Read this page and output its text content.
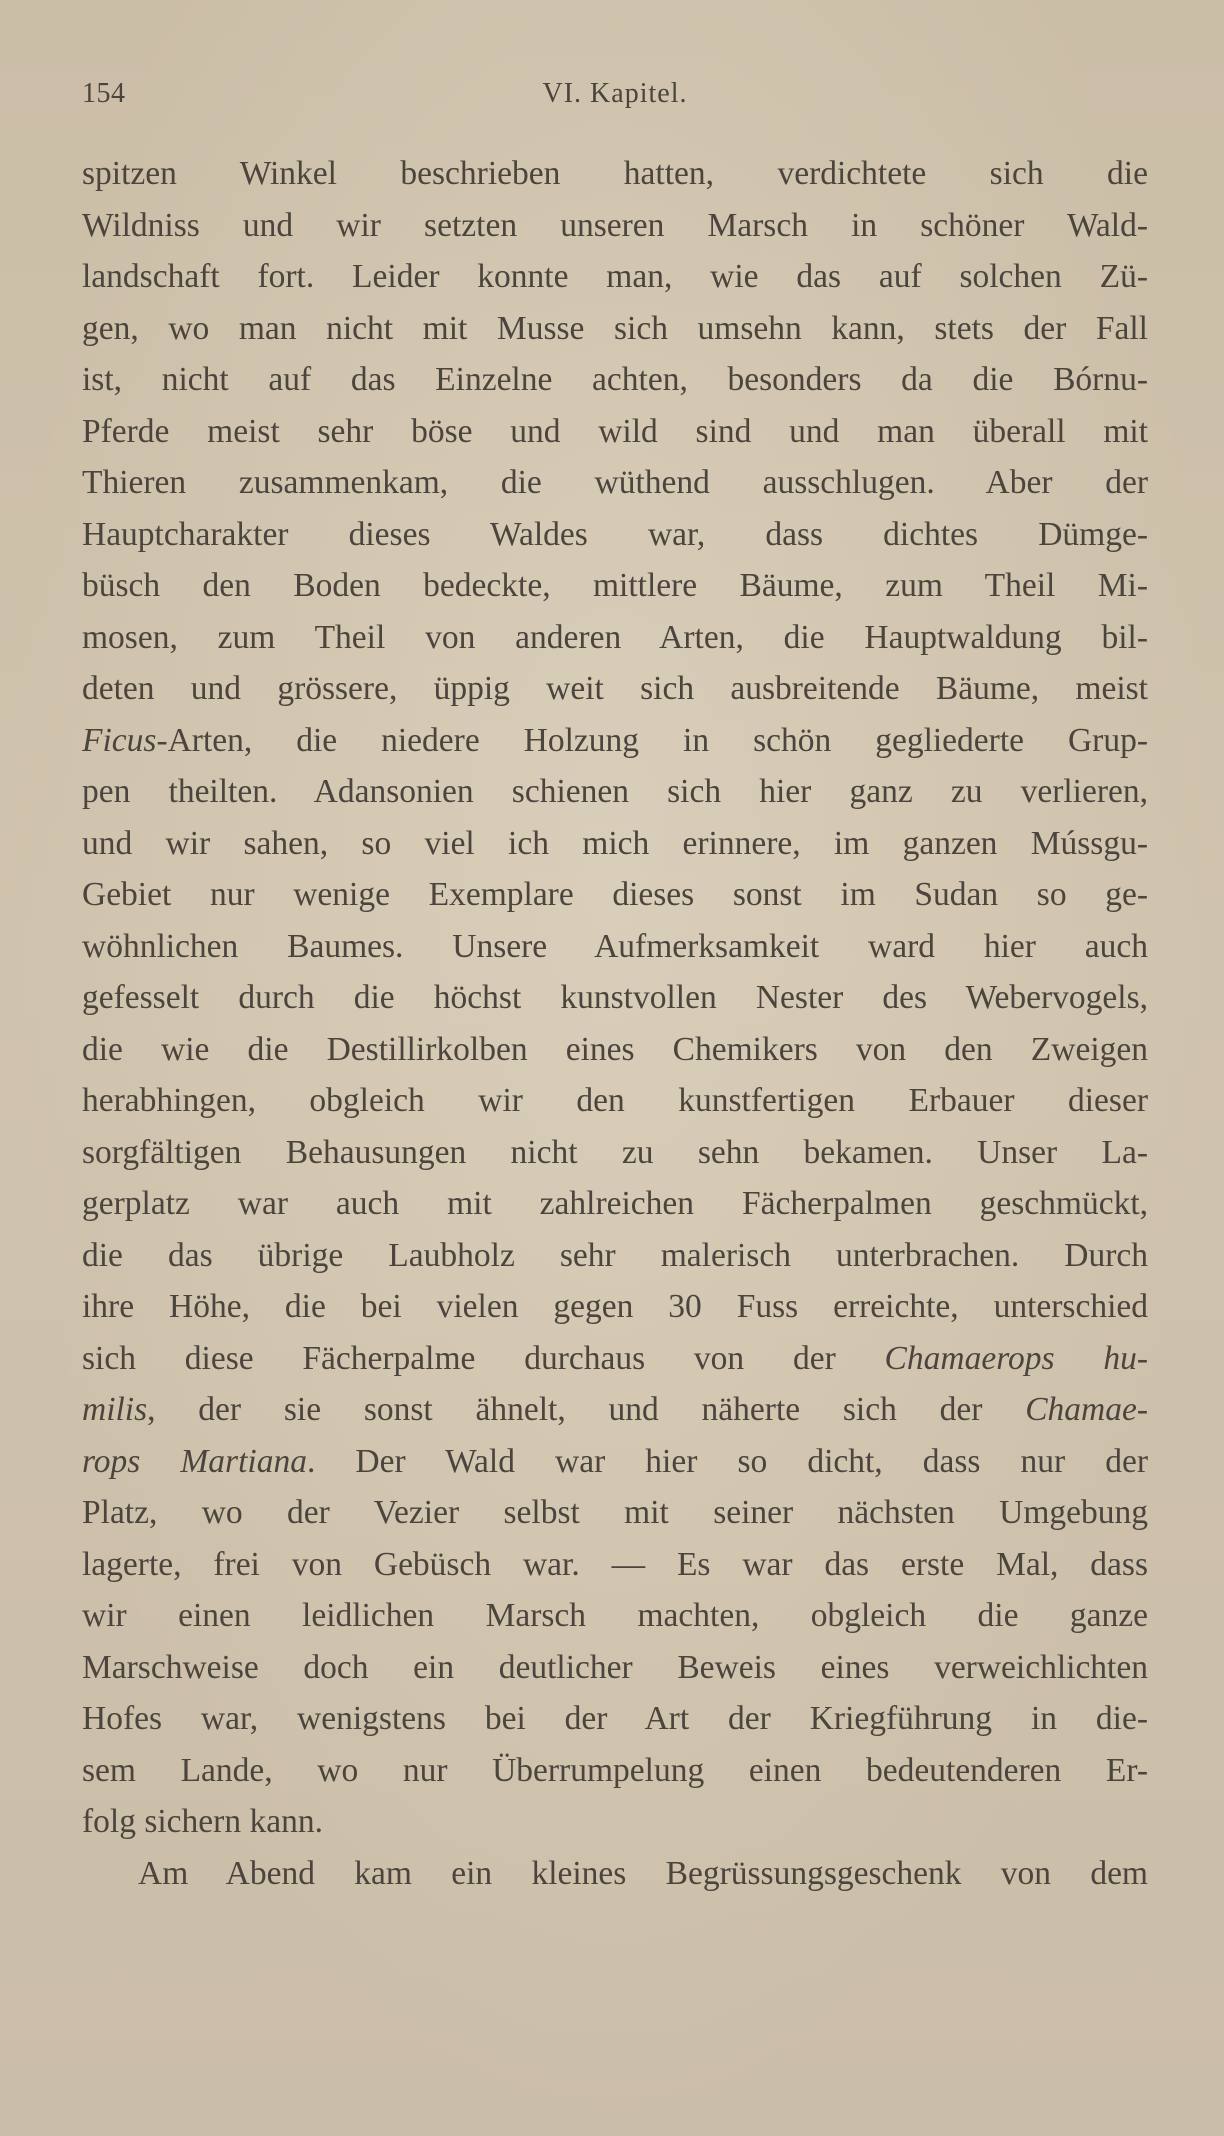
154	VI. Kapitel.
spitzen Winkel beschrieben hatten, verdichtete sich die
Wildniss und wir setzten unseren Marsch in schöner Wald-
landschaft fort. Leider konnte man, wie das auf solchen Zü-
gen, wo man nicht mit Musse sich umsehn kann, stets der Fall
ist, nicht auf das Einzelne achten, besonders da die Bórnu-
Pferde meist sehr böse und wild sind und man überall mit
Thieren zusammenkam, die wüthend ausschlugen. Aber der
Hauptcharakter dieses Waldes war, dass dichtes Dümge-
büsch den Boden bedeckte, mittlere Bäume, zum Theil Mi-
mosen, zum Theil von anderen Arten, die Hauptwaldung bil-
deten und grössere, üppig weit sich ausbreitende Bäume, meist
Ficus-Arten, die niedere Holzung in schön gegliederte Grup-
pen theilten. Adansonien schienen sich hier ganz zu verlieren,
und wir sahen, so viel ich mich erinnere, im ganzen Mússgu-
Gebiet nur wenige Exemplare dieses sonst im Sudan so ge-
wöhnlichen Baumes. Unsere Aufmerksamkeit ward hier auch
gefesselt durch die höchst kunstvollen Nester des Webervogels,
die wie die Destillirkolben eines Chemikers von den Zweigen
herabhingen, obgleich wir den kunstfertigen Erbauer dieser
sorgfältigen Behausungen nicht zu sehn bekamen. Unser La-
gerplatz war auch mit zahlreichen Fächerpalmen geschmückt,
die das übrige Laubholz sehr malerisch unterbrachen. Durch
ihre Höhe, die bei vielen gegen 30 Fuss erreichte, unterschied
sich diese Fächerpalme durchaus von der Chamaerops hu-
milis, der sie sonst ähnelt, und näherte sich der Chamae-
rops Martiana. Der Wald war hier so dicht, dass nur der
Platz, wo der Vezier selbst mit seiner nächsten Umgebung
lagerte, frei von Gebüsch war. — Es war das erste Mal, dass
wir einen leidlichen Marsch machten, obgleich die ganze
Marschweise doch ein deutlicher Beweis eines verweichlichten
Hofes war, wenigstens bei der Art der Kriegführung in die-
sem Lande, wo nur Überrumpelung einen bedeutenderen Er-
folg sichern kann.
Am Abend kam ein kleines Begrüssungsgeschenk von dem
